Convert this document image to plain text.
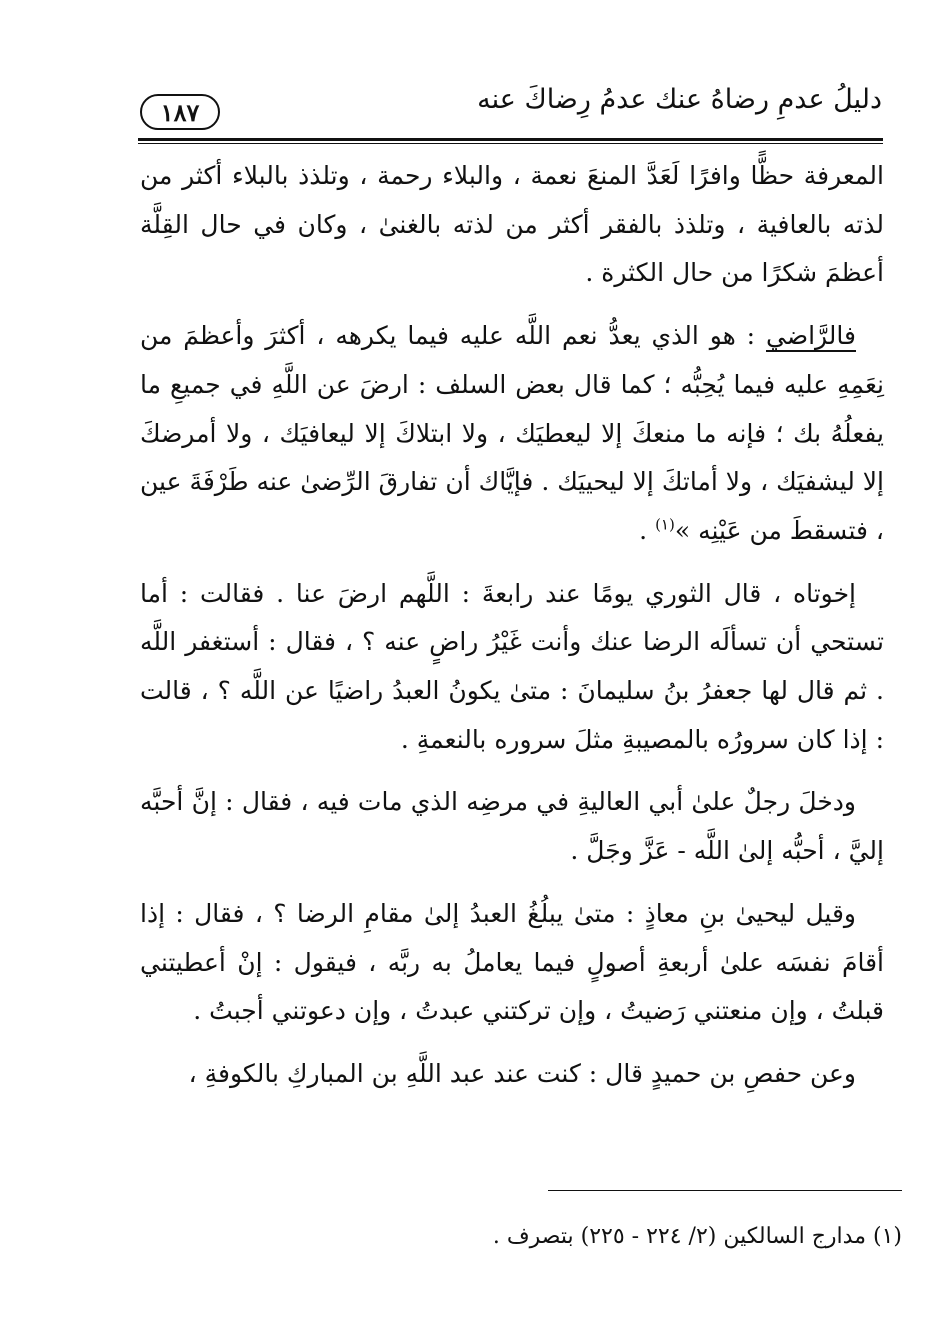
دليلُ عدمِ رضاهُ عنك عدمُ رِضاكَ عنه
١٨٧

المعرفة حظًّا وافرًا لَعَدَّ المنعَ نعمة ، والبلاء رحمة ، وتلذذ بالبلاء أكثر من لذته بالعافية ، وتلذذ بالفقر أكثر من لذته بالغنىٰ ، وكان في حال القِلَّة أعظمَ شكرًا من حال الكثرة .

فالرَّاضي : هو الذي يعدُّ نعم اللَّه عليه فيما يكرهه ، أكثرَ وأعظمَ من نِعَمِهِ عليه فيما يُحِبُّه ؛ كما قال بعض السلف : ارضَ عن اللَّهِ في جميعِ ما يفعلُهُ بك ؛ فإنه ما منعكَ إلا ليعطيَك ، ولا ابتلاكَ إلا ليعافيَك ، ولا أمرضكَ إلا ليشفيَك ، ولا أماتكَ إلا ليحييَك . فإيَّاك أن تفارقَ الرِّضىٰ عنه طَرْفَةَ عين ، فتسقطَ من عَيْنِه »$^{(١)}$ .

إخوتاه ، قال الثوري يومًا عند رابعةَ : اللَّهم ارضَ عنا . فقالت : أما تستحي أن تسألَه الرضا عنك وأنت غَيْرُ راضٍ عنه ؟ ، فقال : أستغفر اللَّه . ثم قال لها جعفرُ بنُ سليمانَ : متىٰ يكونُ العبدُ راضيًا عن اللَّه ؟ ، قالت : إذا كان سرورُه بالمصيبةِ مثلَ سروره بالنعمةِ .

ودخلَ رجلٌ علىٰ أبي العاليةِ في مرضِه الذي مات فيه ، فقال : إنَّ أحبَّه إليَّ ، أحبُّه إلىٰ اللَّه - عَزَّ وجَلَّ .

وقيل ليحيىٰ بنِ معاذٍ : متىٰ يبلُغُ العبدُ إلىٰ مقامِ الرضا ؟ ، فقال : إذا أقامَ نفسَه علىٰ أربعةِ أصولٍ فيما يعاملُ به ربَّه ، فيقول : إنْ أعطيتني قبلتُ ، وإن منعتني رَضيتُ ، وإن تركتني عبدتُ ، وإن دعوتني أجبتُ .

وعن حفصِ بن حميدٍ قال : كنت عند عبد اللَّهِ بن المباركِ بالكوفةِ ،

(١) مدارج السالكين (٢/ ٢٢٤ - ٢٢٥) بتصرف .
